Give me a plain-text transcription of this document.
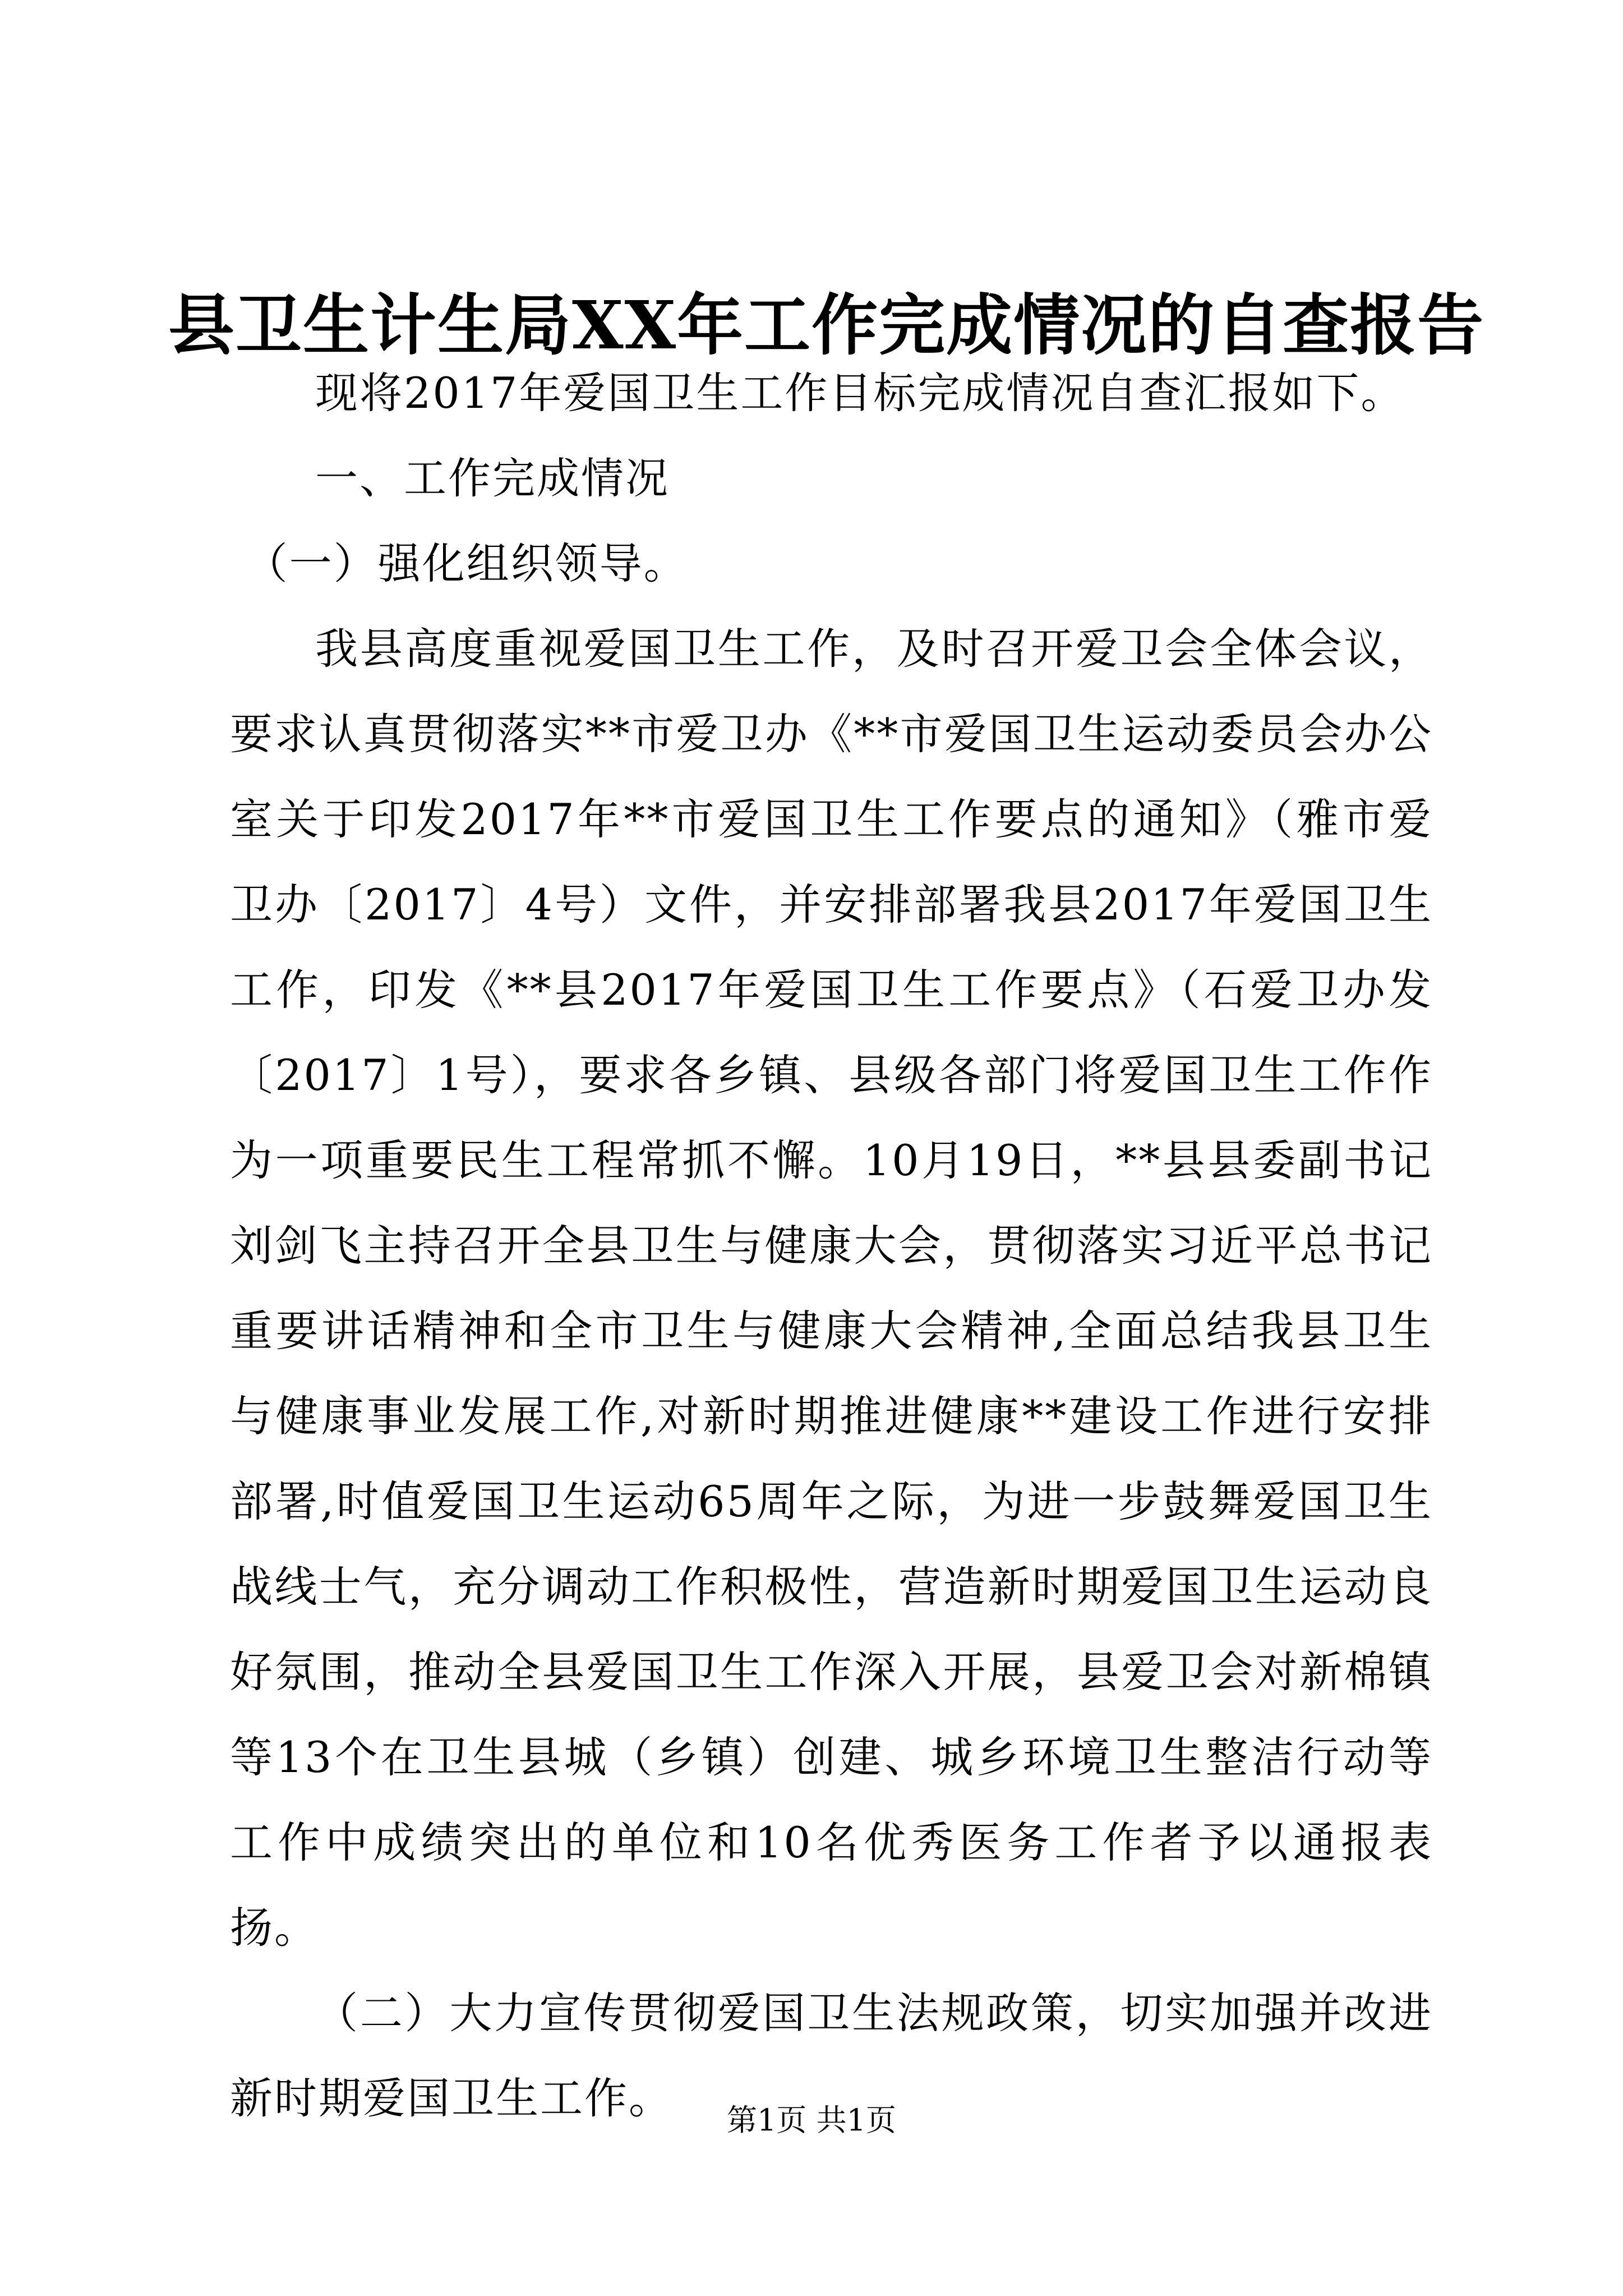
县卫生计生局XX年工作完成情况的自查报告

现将2017年爱国卫生工作目标完成情况自查汇报如下。

一、工作完成情况

（一）强化组织领导。

我县高度重视爱国卫生工作，及时召开爱卫会全体会议，要求认真贯彻落实**市爱卫办《**市爱国卫生运动委员会办公室关于印发2017年**市爱国卫生工作要点的通知》（雅市爱卫办〔2017〕4号）文件，并安排部署我县2017年爱国卫生工作，印发《**县2017年爱国卫生工作要点》（石爱卫办发〔2017〕1号），要求各乡镇、县级各部门将爱国卫生工作作为一项重要民生工程常抓不懈。10月19日，**县县委副书记刘剑飞主持召开全县卫生与健康大会，贯彻落实习近平总书记重要讲话精神和全市卫生与健康大会精神,全面总结我县卫生与健康事业发展工作,对新时期推进健康**建设工作进行安排部署,时值爱国卫生运动65周年之际，为进一步鼓舞爱国卫生战线士气，充分调动工作积极性，营造新时期爱国卫生运动良好氛围，推动全县爱国卫生工作深入开展，县爱卫会对新棉镇等13个在卫生县城（乡镇）创建、城乡环境卫生整洁行动等工作中成绩突出的单位和10名优秀医务工作者予以通报表扬。

（二）大力宣传贯彻爱国卫生法规政策，切实加强并改进新时期爱国卫生工作。	第1页 共1页
